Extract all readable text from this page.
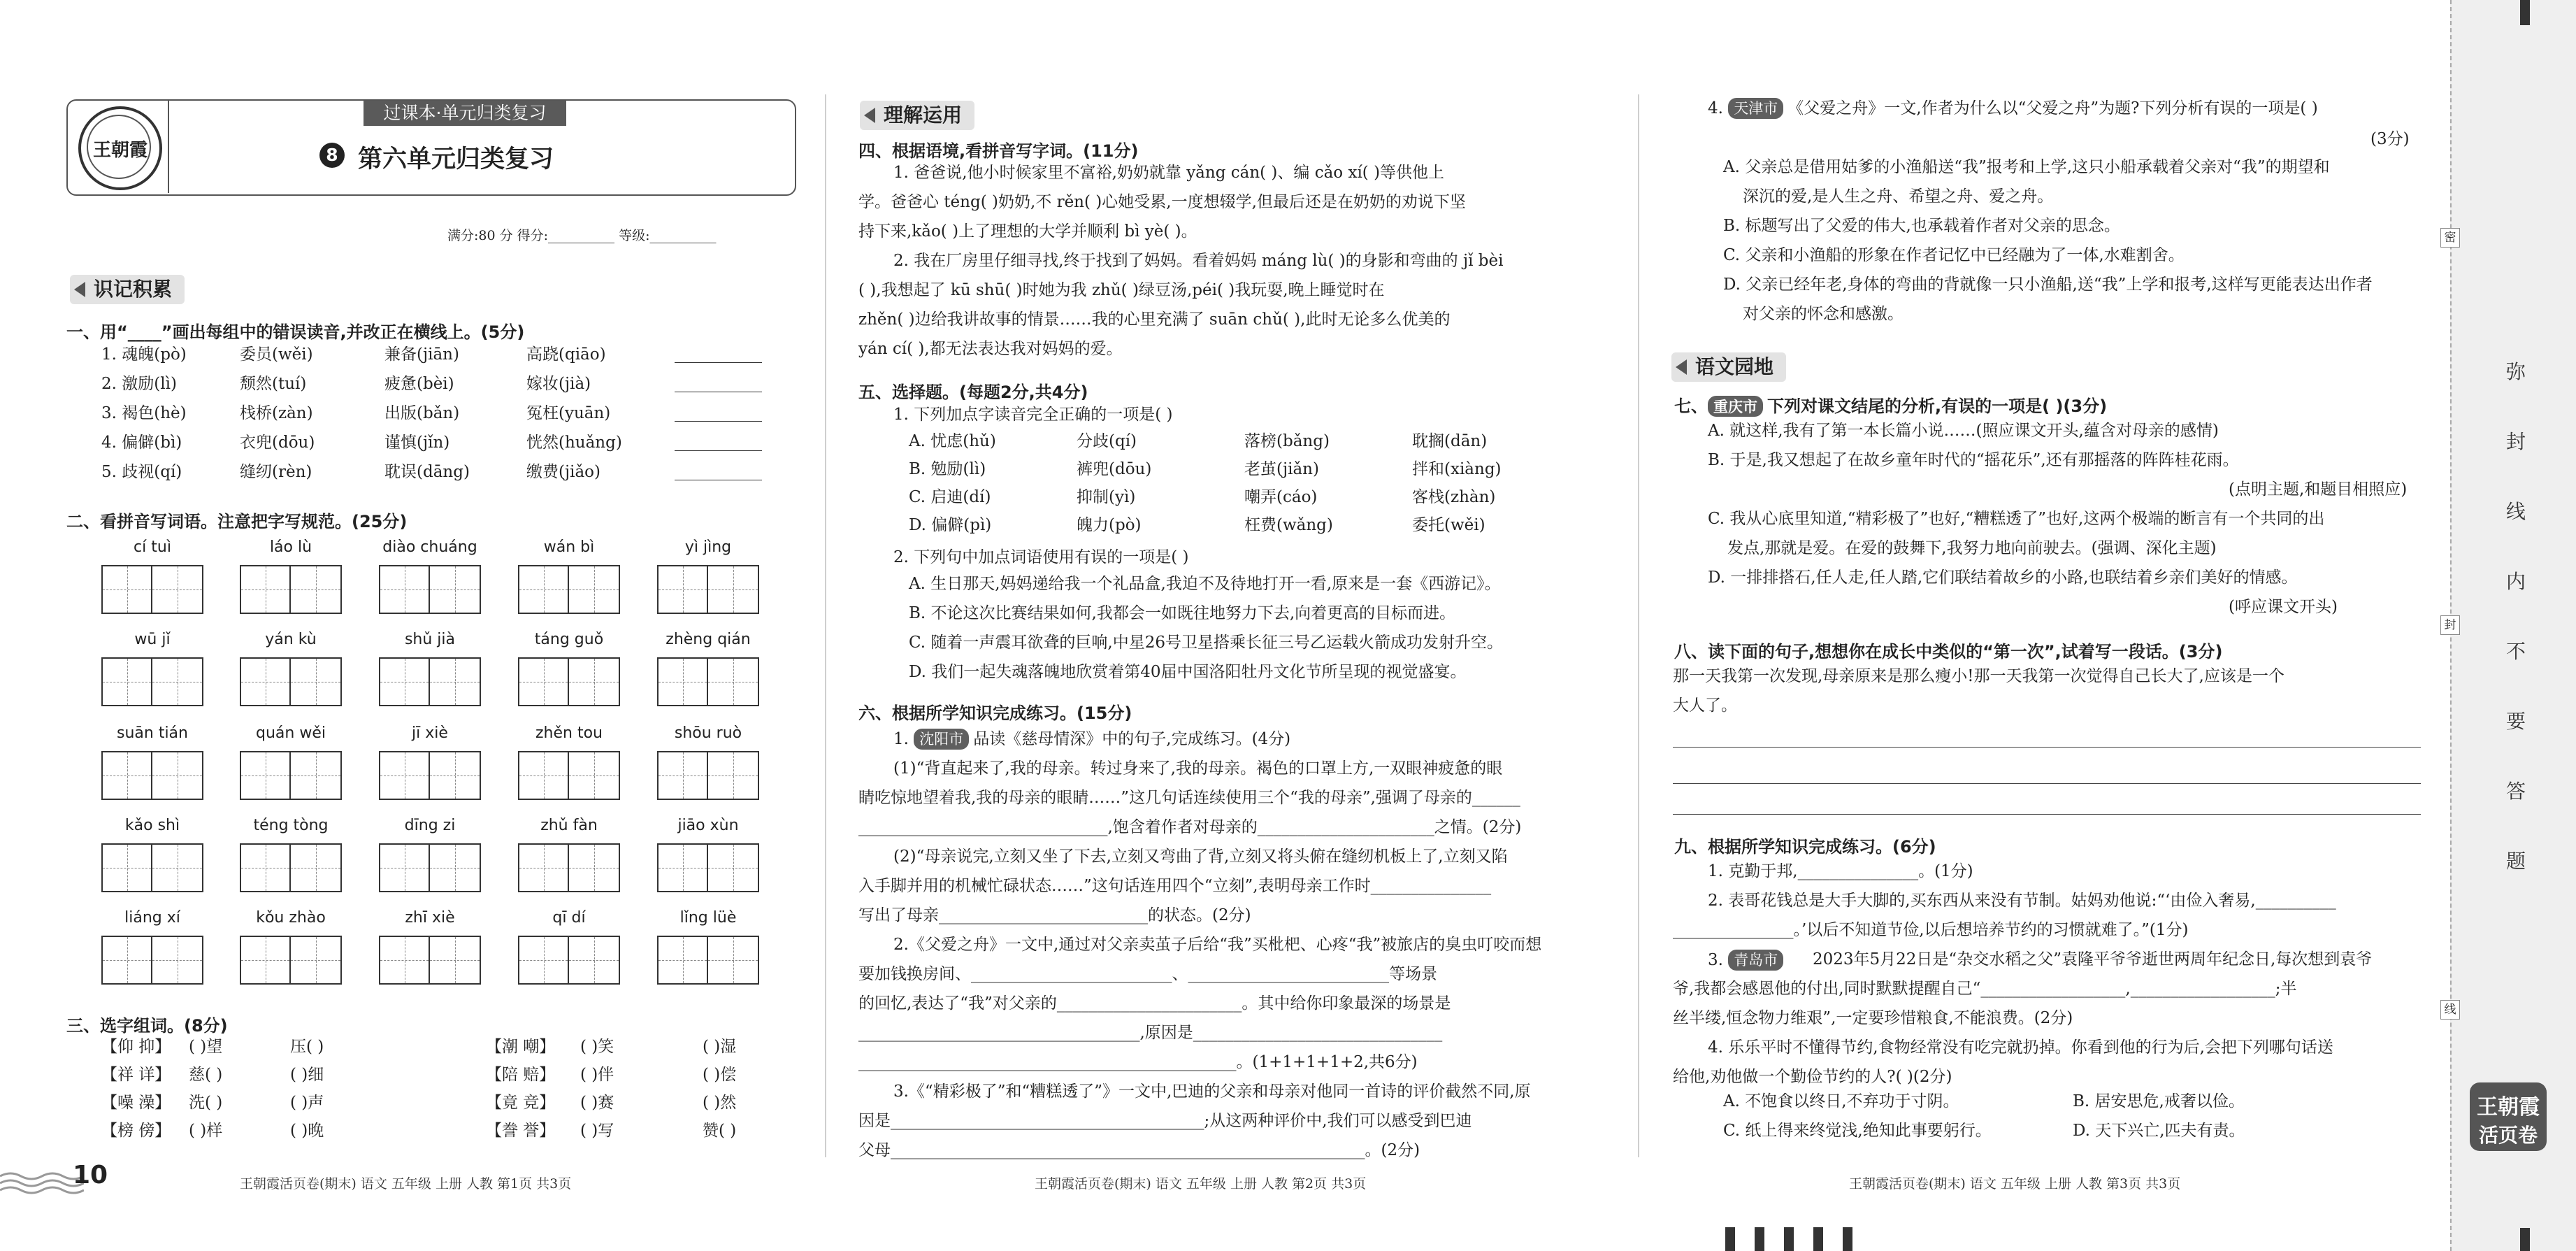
王朝霞
过课本·单元归类复习
8 第六单元归类复习
满分:80 分 得分:__________ 等级:__________
识记积累
一、用“____”画出每组中的错误读音,并改正在横线上。(5分)
1. 魂魄(pò)	委员(wěi)	兼备(jiān)	高跷(qiāo)
2. 激励(lì)	颓然(tuí)	疲惫(bèi)	嫁妆(jià)
3. 褐色(hè)	栈桥(zàn)	出版(bǎn)	冤枉(yuān)
4. 偏僻(bì)	衣兜(dōu)	谨慎(jǐn)	恍然(huǎng)
5. 歧视(qí)	缝纫(rèn)	耽误(dāng)	缴费(jiǎo)
二、看拼音写词语。注意把字写规范。(25分)
cí tuì	láo lù	diào chuáng	wán bì	yì jìng
wū jǐ	yán kù	shǔ jià	táng guǒ	zhèng qián
suān tián	quán wěi	jī xiè	zhěn tou	shōu ruò
kǎo shì	téng tòng	dīng zi	zhǔ fàn	jiāo xùn
liáng xí	kǒu zhào	zhī xiè	qī dí	lǐng lüè
三、选字组词。(8分)
【仰 抑】 ( )望	压( )	【潮 嘲】 ( )笑	( )湿
【祥 详】 慈( )	( )细	【陪 赔】 ( )伴	( )偿
【噪 澡】 洗( )	( )声	【竟 竞】 ( )赛	( )然
【榜 傍】 ( )样	( )晚	【誊 誉】 ( )写	赞( )
10	王朝霞活页卷(期末) 语文 五年级 上册 人教 第1页 共3页
理解运用
四、根据语境,看拼音写字词。(11分)
1. 爸爸说,他小时候家里不富裕,奶奶就靠 yǎng cán( )、编 cǎo xí( )等供他上
学。爸爸心 téng( )奶奶,不 rěn( )心她受累,一度想辍学,但最后还是在奶奶的劝说下坚
持下来,kǎo( )上了理想的大学并顺利 bì yè( )。
2. 我在厂房里仔细寻找,终于找到了妈妈。看着妈妈 máng lù( )的身影和弯曲的 jǐ bèi
( ),我想起了 kū shū( )时她为我 zhǔ( )绿豆汤,péi( )我玩耍,晚上睡觉时在
zhěn( )边给我讲故事的情景……我的心里充满了 suān chǔ( ),此时无论多么优美的
yán cí( ),都无法表达我对妈妈的爱。
五、选择题。(每题2分,共4分)
1. 下列加点字读音完全正确的一项是( )
A. 忧虑(hǔ)	分歧(qí)	落榜(bǎng)	耽搁(dān)
B. 勉励(lì)	裤兜(dōu)	老茧(jiǎn)	拌和(xiàng)
C. 启迪(dí)	抑制(yì)	嘲弄(cáo)	客栈(zhàn)
D. 偏僻(pì)	魄力(pò)	枉费(wǎng)	委托(wěi)
2. 下列句中加点词语使用有误的一项是( )
A. 生日那天,妈妈递给我一个礼品盒,我迫不及待地打开一看,原来是一套《西游记》。
B. 不论这次比赛结果如何,我都会一如既往地努力下去,向着更高的目标而进。
C. 随着一声震耳欲聋的巨响,中星26号卫星搭乘长征三号乙运载火箭成功发射升空。
D. 我们一起失魂落魄地欣赏着第40届中国洛阳牡丹文化节所呈现的视觉盛宴。
六、根据所学知识完成练习。(15分)
1. 沈阳市 品读《慈母情深》中的句子,完成练习。(4分)
(1)“背直起来了,我的母亲。转过身来了,我的母亲。褐色的口罩上方,一双眼神疲惫的眼
睛吃惊地望着我,我的母亲的眼睛……”这几句话连续使用三个“我的母亲”,强调了母亲的______
_______________________________,饱含着作者对母亲的______________________之情。(2分)
(2)“母亲说完,立刻又坐了下去,立刻又弯曲了背,立刻又将头俯在缝纫机板上了,立刻又陷
入手脚并用的机械忙碌状态……”这句话连用四个“立刻”,表明母亲工作时_______________
写出了母亲__________________________的状态。(2分)
2.《父爱之舟》一文中,通过对父亲卖茧子后给“我”买枇杷、心疼“我”被旅店的臭虫叮咬而想
要加钱换房间、_________________________、_________________________等场景
的回忆,表达了“我”对父亲的_______________________。其中给你印象最深的场景是
___________________________________,原因是_______________________________
_______________________________________________。(1+1+1+1+2,共6分)
3.《“精彩极了”和“糟糕透了”》一文中,巴迪的父亲和母亲对他同一首诗的评价截然不同,原
因是_______________________________________;从这两种评价中,我们可以感受到巴迪
父母___________________________________________________________。(2分)
王朝霞活页卷(期末) 语文 五年级 上册 人教 第2页 共3页
4. 天津市 《父爱之舟》一文,作者为什么以“父爱之舟”为题?下列分析有误的一项是( )
(3分)
A. 父亲总是借用姑爹的小渔船送“我”报考和上学,这只小船承载着父亲对“我”的期望和
深沉的爱,是人生之舟、希望之舟、爱之舟。
B. 标题写出了父爱的伟大,也承载着作者对父亲的思念。
C. 父亲和小渔船的形象在作者记忆中已经融为了一体,水难割舍。
D. 父亲已经年老,身体的弯曲的背就像一只小渔船,送“我”上学和报考,这样写更能表达出作者
对父亲的怀念和感激。
语文园地
七、 重庆市 下列对课文结尾的分析,有误的一项是( )(3分)
A. 就这样,我有了第一本长篇小说……(照应课文开头,蕴含对母亲的感情)
B. 于是,我又想起了在故乡童年时代的“摇花乐”,还有那摇落的阵阵桂花雨。
(点明主题,和题目相照应)
C. 我从心底里知道,“精彩极了”也好,“糟糕透了”也好,这两个极端的断言有一个共同的出
发点,那就是爱。在爱的鼓舞下,我努力地向前驶去。(强调、深化主题)
D. 一排排搭石,任人走,任人踏,它们联结着故乡的小路,也联结着乡亲们美好的情感。
(呼应课文开头)
八、读下面的句子,想想你在成长中类似的“第一次”,试着写一段话。(3分)
那一天我第一次发现,母亲原来是那么瘦小!那一天我第一次觉得自己长大了,应该是一个
大人了。
九、根据所学知识完成练习。(6分)
1. 克勤于邦,_______________。(1分)
2. 表哥花钱总是大手大脚的,买东西从来没有节制。姑妈劝他说:“‘由俭入奢易,__________
_______________。’以后不知道节俭,以后想培养节约的习惯就难了。”(1分)
2023年5月22日是“杂交水稻之父”袁隆平爷爷逝世两周年纪念日,每次想到袁爷
爷,我都会感恩他的付出,同时默默提醒自己“__________________,__________________;半
丝半缕,恒念物力维艰”,一定要珍惜粮食,不能浪费。(2分)
4. 乐乐平时不懂得节约,食物经常没有吃完就扔掉。你看到他的行为后,会把下列哪句话送
给他,劝他做一个勤俭节约的人?( )(2分)
3. 青岛市
A. 不饱食以终日,不弃功于寸阴。	B. 居安思危,戒奢以俭。
C. 纸上得来终觉浅,绝知此事要躬行。	D. 天下兴亡,匹夫有责。
王朝霞活页卷(期末) 语文 五年级 上册 人教 第3页 共3页
密
封
线
弥
封
线
内
不
要
答
题
王朝霞
活页卷
